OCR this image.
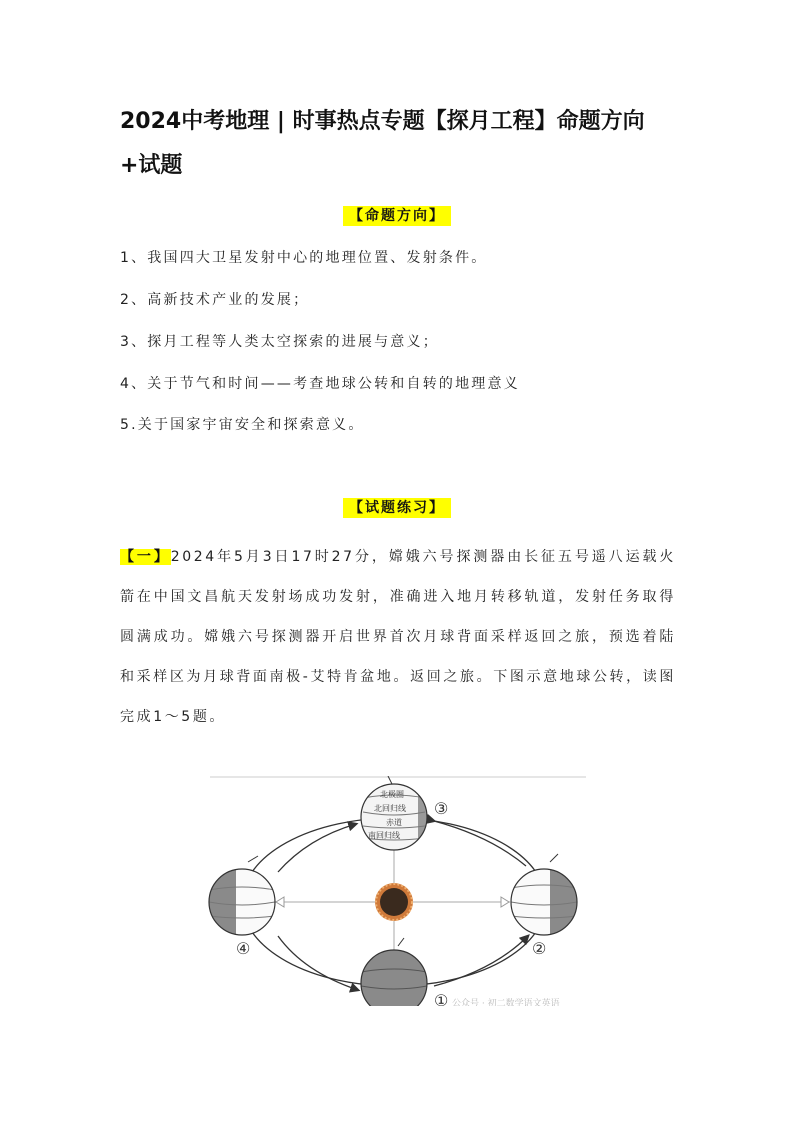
2024中考地理 | 时事热点专题【探月工程】命题方向+试题
【命题方向】
1、我国四大卫星发射中心的地理位置、发射条件。
2、高新技术产业的发展；
3、探月工程等人类太空探索的进展与意义；
4、关于节气和时间——考查地球公转和自转的地理意义
5.关于国家宇宙安全和探索意义。
【试题练习】
【一】2024年5月3日17时27分，嫦娥六号探测器由长征五号遥八运载火箭在中国文昌航天发射场成功发射，准确进入地月转移轨道，发射任务取得圆满成功。嫦娥六号探测器开启世界首次月球背面采样返回之旅，预选着陆和采样区为月球背面南极-艾特肯盆地。返回之旅。下图示意地球公转，读图完成1～5题。
北极圈
北回归线
赤道
南回归线
③
②
④
① 公众号 · 初二数学语文英语
